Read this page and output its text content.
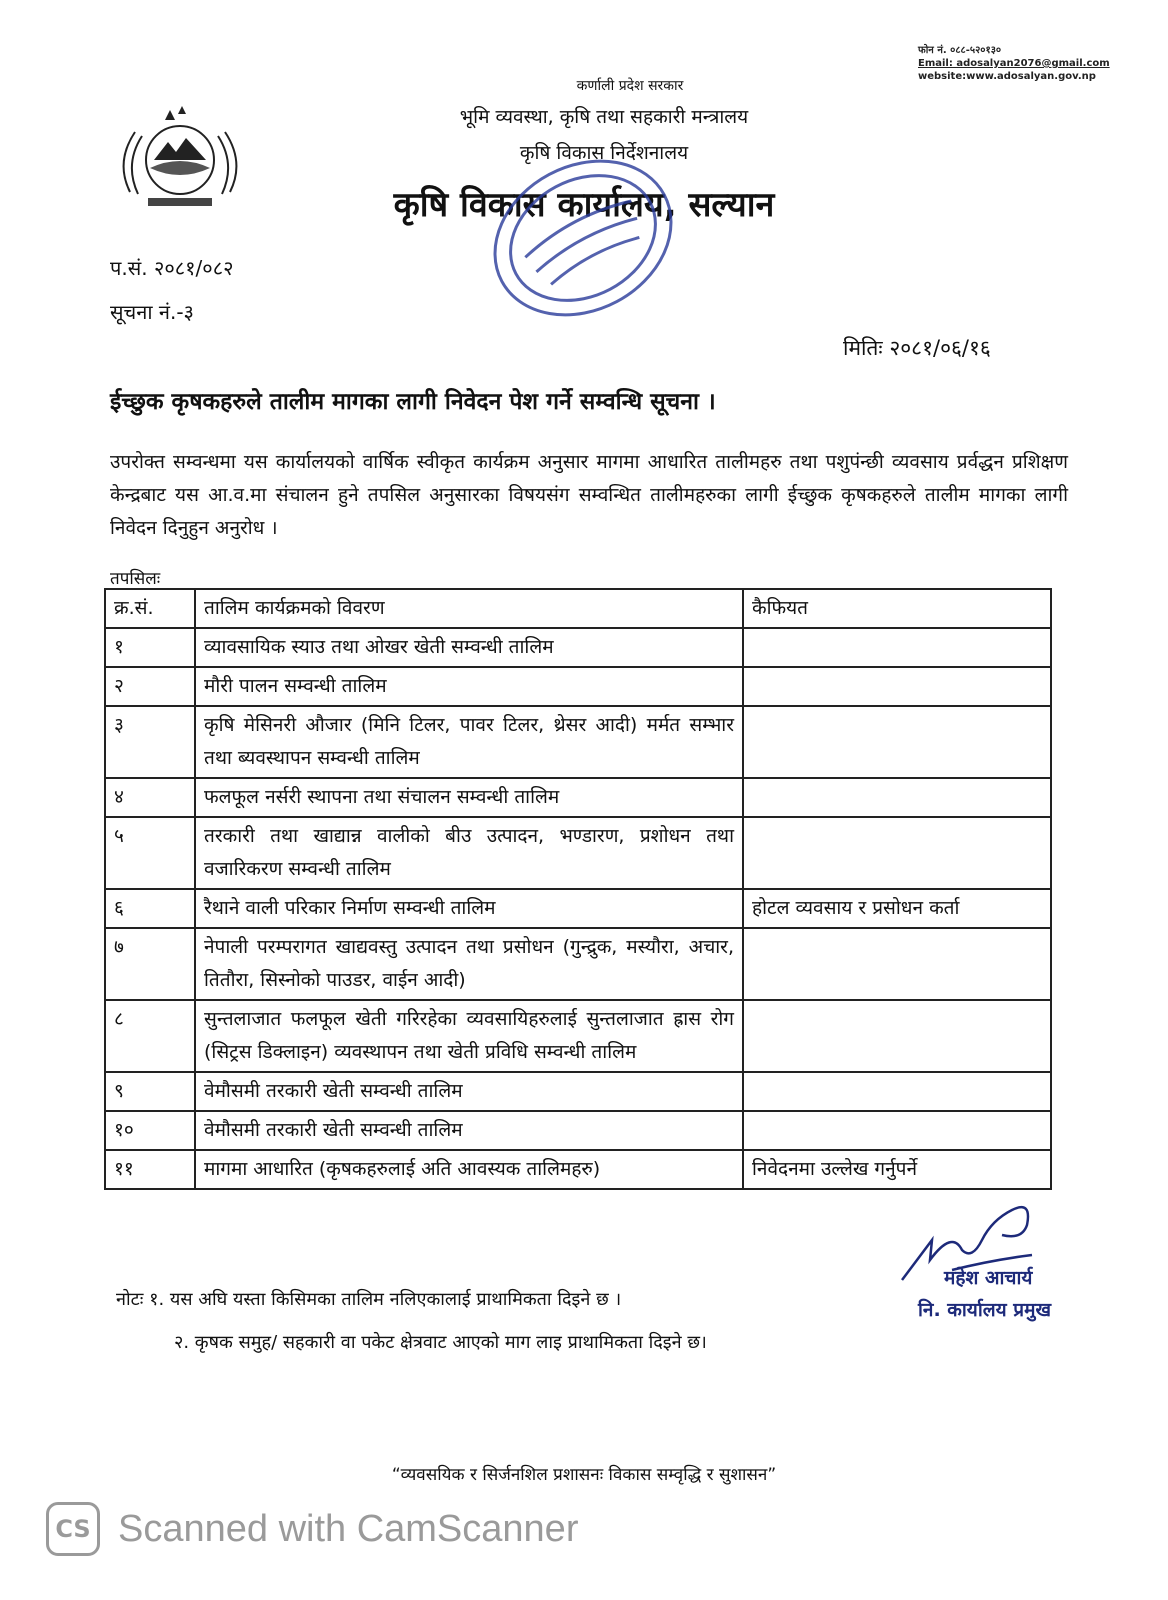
फोन नं. ०८८-५२०१३०
Email: adosalyan2076@gmail.com
website:www.adosalyan.gov.np
कर्णाली प्रदेश सरकार
भूमि व्यवस्था, कृषि तथा सहकारी मन्त्रालय
कृषि विकास निर्देशनालय
कृषि विकास कार्यालय, सल्यान
प.सं. २०८१/०८२
सूचना नं.-३
मितिः २०८१/०६/१६
ईच्छुक कृषकहरुले तालीम मागका लागी निवेदन पेश गर्ने सम्वन्धि सूचना ।
उपरोक्त सम्वन्धमा यस कार्यालयको वार्षिक स्वीकृत कार्यक्रम अनुसार मागमा आधारित तालीमहरु तथा पशुपंन्छी व्यवसाय प्रर्वद्धन प्रशिक्षण केन्द्रबाट यस आ.व.मा संचालन हुने तपसिल अनुसारका विषयसंग सम्वन्धित तालीमहरुका लागी ईच्छुक कृषकहरुले तालीम मागका लागी निवेदन दिनुहुन अनुरोध ।
तपसिलः
क्र.सं.	तालिम कार्यक्रमको विवरण	कैफियत
१	व्यावसायिक स्याउ तथा ओखर खेती सम्वन्धी तालिम	
२	मौरी पालन सम्वन्धी तालिम	
३	कृषि मेसिनरी औजार (मिनि टिलर, पावर टिलर, थ्रेसर आदी) मर्मत सम्भार तथा ब्यवस्थापन सम्वन्धी तालिम	
४	फलफूल नर्सरी स्थापना तथा संचालन सम्वन्धी तालिम	
५	तरकारी तथा खाद्यान्न वालीको बीउ उत्पादन, भण्डारण, प्रशोधन तथा वजारिकरण सम्वन्धी तालिम	
६	रैथाने वाली परिकार निर्माण सम्वन्धी तालिम	होटल व्यवसाय र प्रसोधन कर्ता
७	नेपाली परम्परागत खाद्यवस्तु उत्पादन तथा प्रसोधन (गुन्द्रुक, मस्यौरा, अचार, तितौरा, सिस्नोको पाउडर, वाईन आदी)	
८	सुन्तलाजात फलफूल खेती गरिरहेका व्यवसायिहरुलाई सुन्तलाजात ह्रास रोग (सिट्रस डिक्लाइन) व्यवस्थापन तथा खेती प्रविधि सम्वन्धी तालिम	
९	वेमौसमी तरकारी खेती सम्वन्धी तालिम	
१०	वेमौसमी तरकारी खेती सम्वन्धी तालिम	
११	मागमा आधारित (कृषकहरुलाई अति आवस्यक तालिमहरु)	निवेदनमा उल्लेख गर्नुपर्ने
महेश आचार्य
नि. कार्यालय प्रमुख
नोटः १. यस अघि यस्ता किसिमका तालिम नलिएकालाई प्राथामिकता दिइने छ ।
२. कृषक समुह/ सहकारी वा पकेट क्षेत्रवाट आएको माग लाइ प्राथामिकता दिइने छ।
“व्यवसयिक र सिर्जनशिल प्रशासनः विकास सम्वृद्धि र सुशासन”
CS Scanned with CamScanner
